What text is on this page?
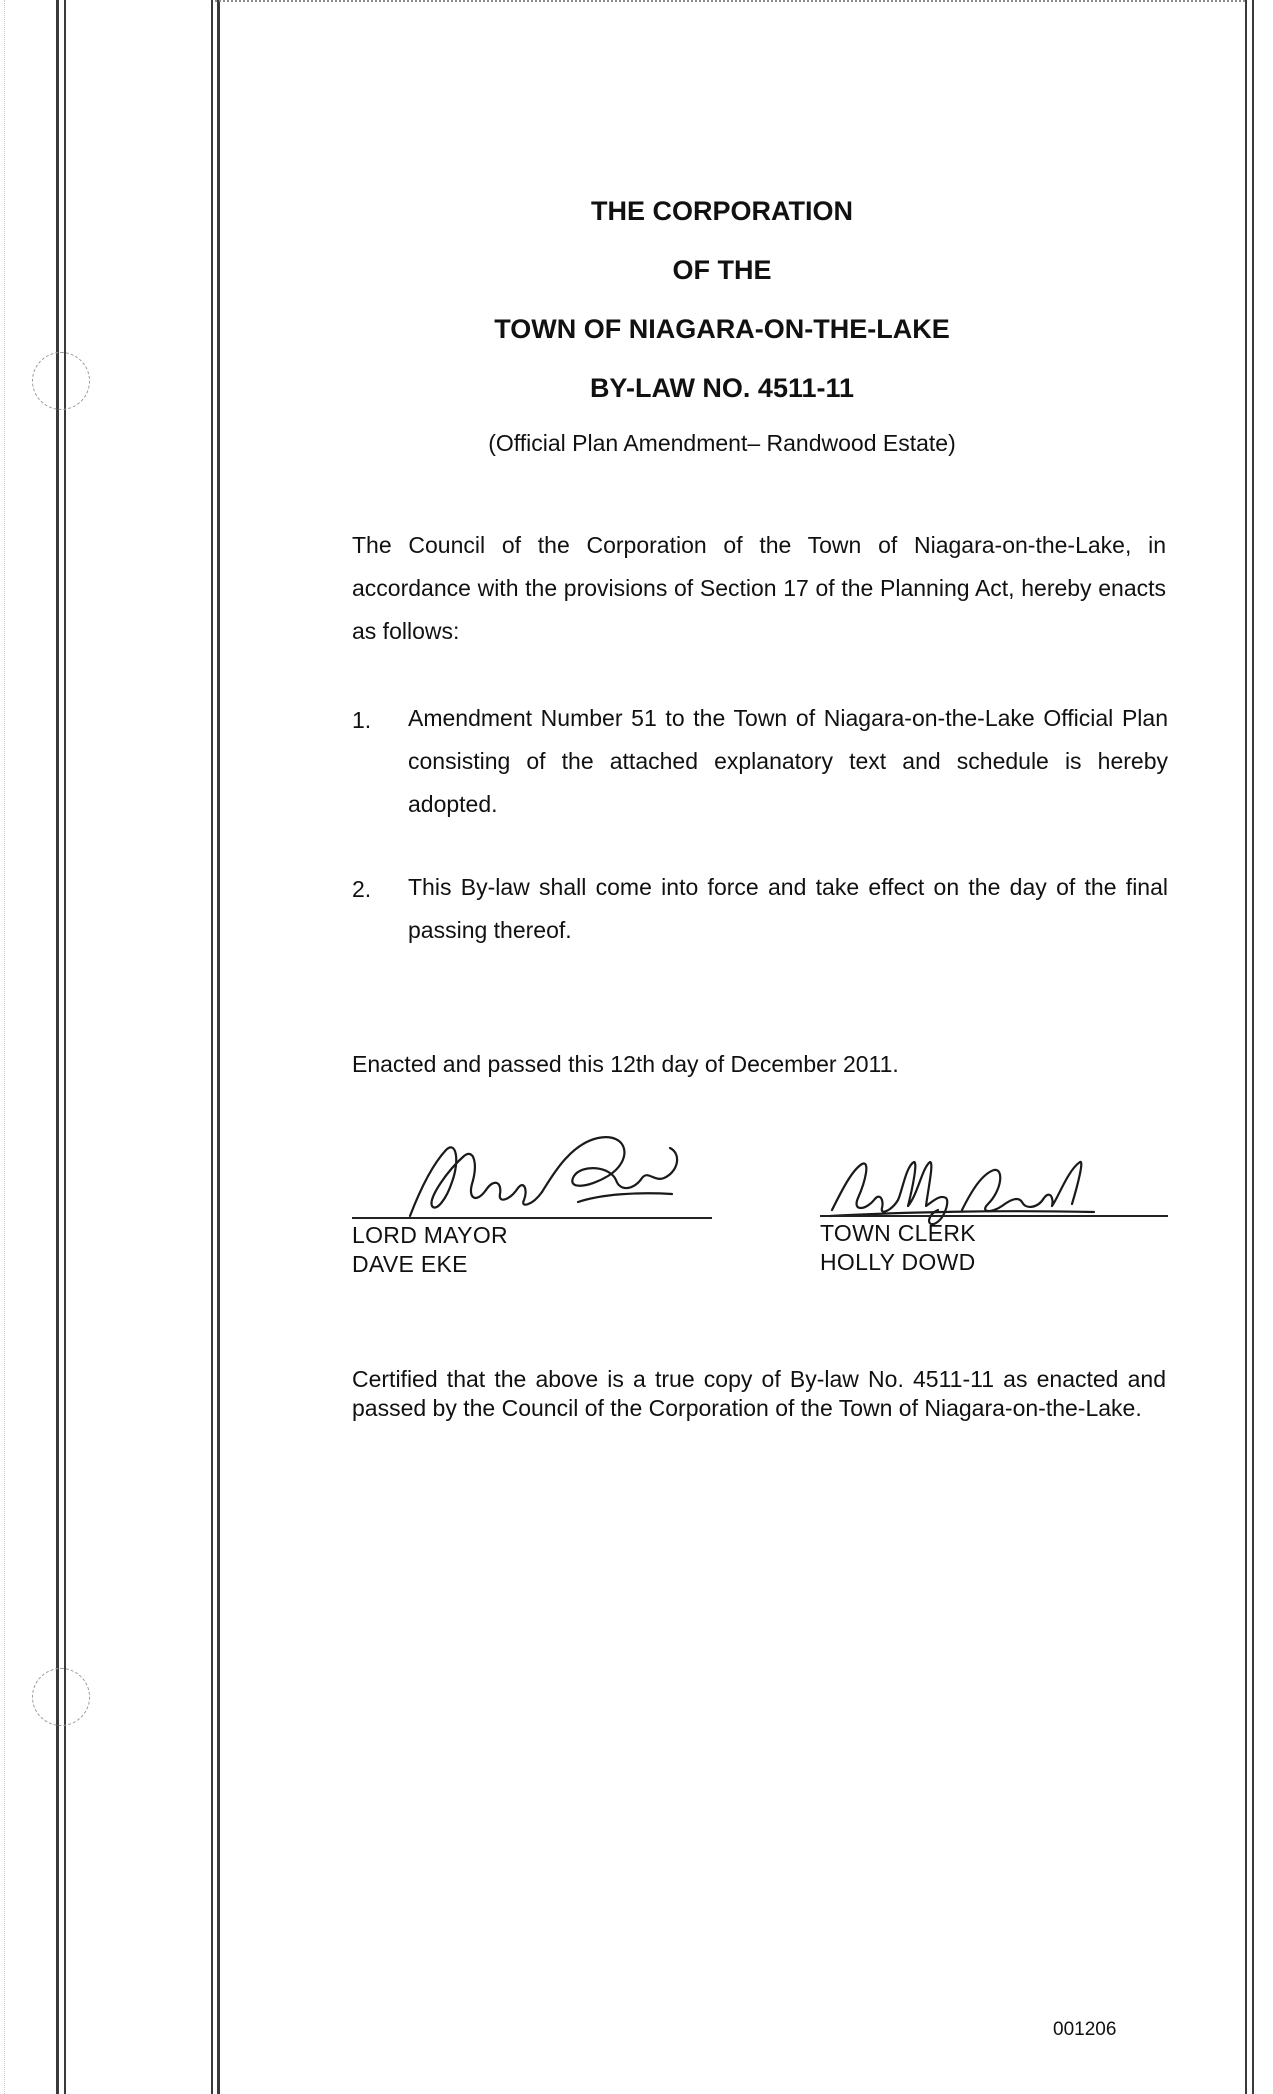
THE CORPORATION
OF THE
TOWN OF NIAGARA-ON-THE-LAKE
BY-LAW NO. 4511-11
(Official Plan Amendment– Randwood Estate)
The Council of the Corporation of the Town of Niagara-on-the-Lake, in accordance with the provisions of Section 17 of the Planning Act, hereby enacts as follows:
1. Amendment Number 51 to the Town of Niagara-on-the-Lake Official Plan consisting of the attached explanatory text and schedule is hereby adopted.
2. This By-law shall come into force and take effect on the day of the final passing thereof.
Enacted and passed this 12th day of December 2011.
LORD MAYOR
DAVE EKE
TOWN CLERK
HOLLY DOWD
Certified that the above is a true copy of By-law No. 4511-11 as enacted and passed by the Council of the Corporation of the Town of Niagara-on-the-Lake.
001206
